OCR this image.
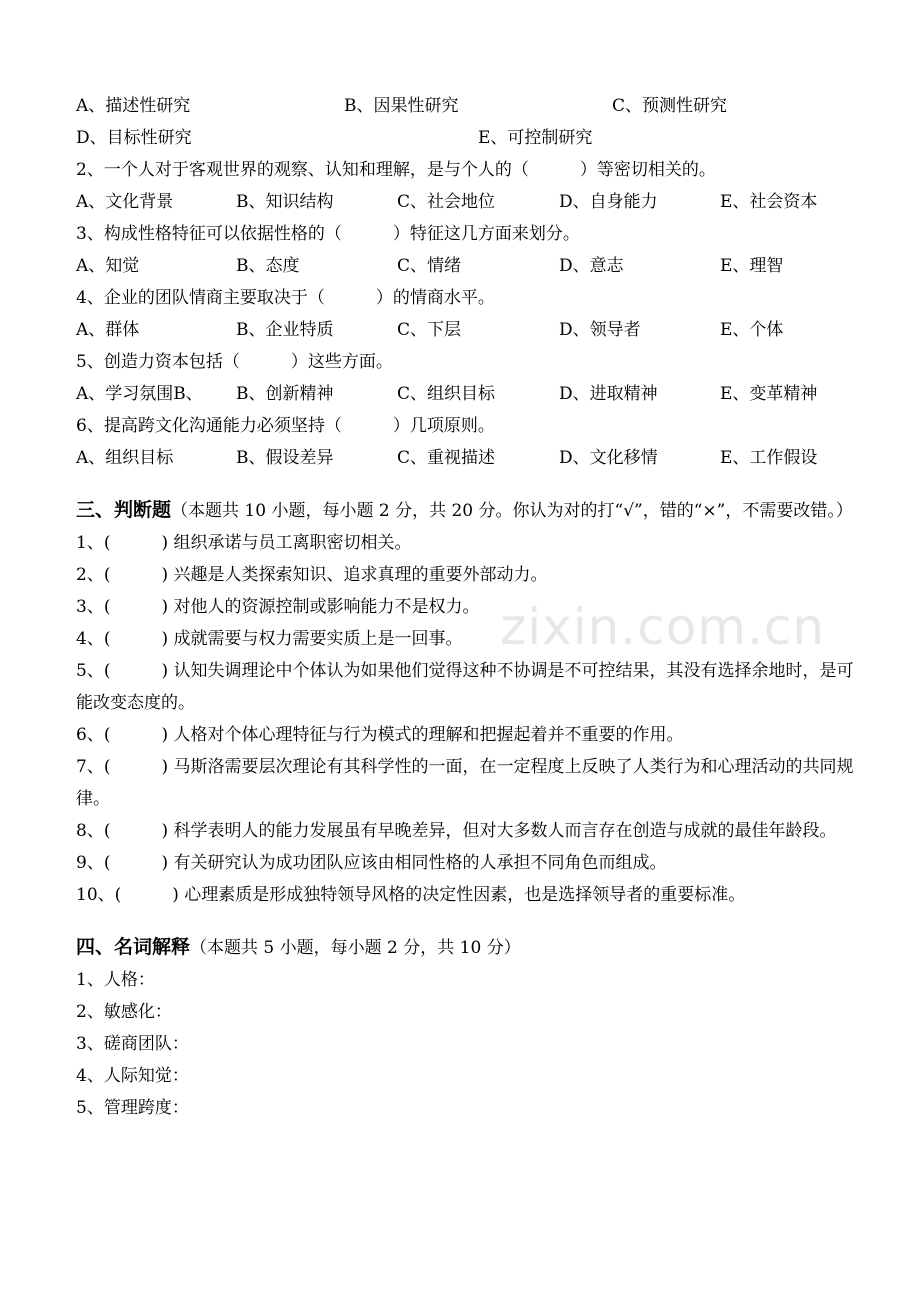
A、描述性研究	B、因果性研究	C、预测性研究
D、目标性研究	E、可控制研究
2、一个人对于客观世界的观察、认知和理解，是与个人的（　　　）等密切相关的。
A、文化背景	B、知识结构	C、社会地位	D、自身能力	E、社会资本
3、构成性格特征可以依据性格的（　　　）特征这几方面来划分。
A、知觉	B、态度	C、情绪	D、意志	E、理智
4、企业的团队情商主要取决于（　　　）的情商水平。
A、群体	B、企业特质	C、下层	D、领导者	E、个体
5、创造力资本包括（　　　）这些方面。
A、学习氛围B、 B、创新精神	C、组织目标	D、进取精神	E、变革精神
6、提高跨文化沟通能力必须坚持（　　　）几项原则。
A、组织目标	B、假设差异	C、重视描述	D、文化移情	E、工作假设
三、判断题（本题共 10 小题，每小题 2 分，共 20 分。你认为对的打“√”，错的“×”，不需要改错。）
1、(　　　) 组织承诺与员工离职密切相关。
2、(　　　) 兴趣是人类探索知识、追求真理的重要外部动力。
3、(　　　) 对他人的资源控制或影响能力不是权力。
4、(　　　) 成就需要与权力需要实质上是一回事。
5、(　　　) 认知失调理论中个体认为如果他们觉得这种不协调是不可控结果，其没有选择余地时，是可能改变态度的。
6、(　　　) 人格对个体心理特征与行为模式的理解和把握起着并不重要的作用。
7、(　　　) 马斯洛需要层次理论有其科学性的一面，在一定程度上反映了人类行为和心理活动的共同规律。
8、(　　　) 科学表明人的能力发展虽有早晚差异，但对大多数人而言存在创造与成就的最佳年龄段。
9、(　　　) 有关研究认为成功团队应该由相同性格的人承担不同角色而组成。
10、(　　　) 心理素质是形成独特领导风格的决定性因素，也是选择领导者的重要标准。
四、名词解释（本题共 5 小题，每小题 2 分，共 10 分）
1、人格：
2、敏感化：
3、磋商团队：
4、人际知觉：
5、管理跨度：
zixin.com.cn
